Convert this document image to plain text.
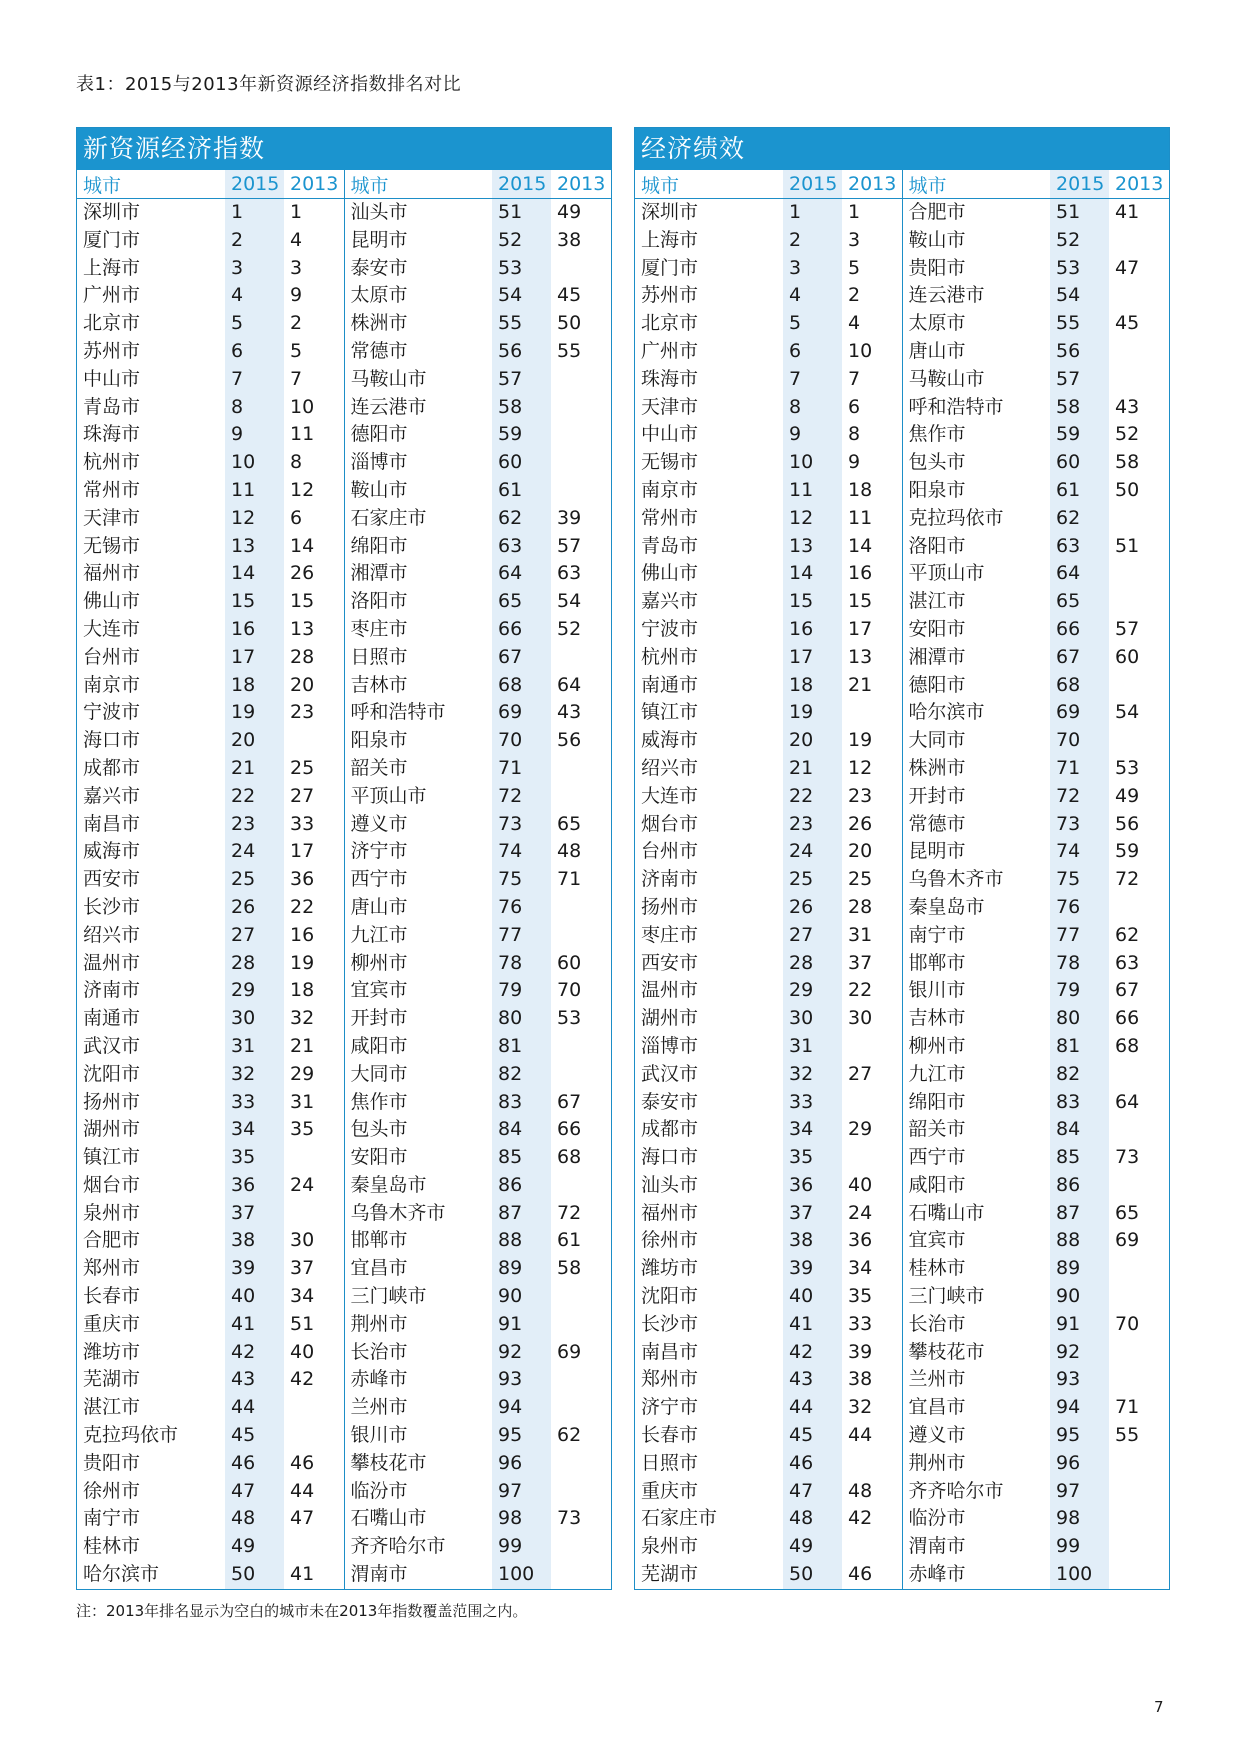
表1：2015与2013年新资源经济指数排名对比
新资源经济指数
城市	2015	2013	城市	2015	2013
深圳市	1	1	汕头市	51	49
厦门市	2	4	昆明市	52	38
上海市	3	3	泰安市	53	
广州市	4	9	太原市	54	45
北京市	5	2	株洲市	55	50
苏州市	6	5	常德市	56	55
中山市	7	7	马鞍山市	57	
青岛市	8	10	连云港市	58	
珠海市	9	11	德阳市	59	
杭州市	10	8	淄博市	60	
常州市	11	12	鞍山市	61	
天津市	12	6	石家庄市	62	39
无锡市	13	14	绵阳市	63	57
福州市	14	26	湘潭市	64	63
佛山市	15	15	洛阳市	65	54
大连市	16	13	枣庄市	66	52
台州市	17	28	日照市	67	
南京市	18	20	吉林市	68	64
宁波市	19	23	呼和浩特市	69	43
海口市	20		阳泉市	70	56
成都市	21	25	韶关市	71	
嘉兴市	22	27	平顶山市	72	
南昌市	23	33	遵义市	73	65
威海市	24	17	济宁市	74	48
西安市	25	36	西宁市	75	71
长沙市	26	22	唐山市	76	
绍兴市	27	16	九江市	77	
温州市	28	19	柳州市	78	60
济南市	29	18	宜宾市	79	70
南通市	30	32	开封市	80	53
武汉市	31	21	咸阳市	81	
沈阳市	32	29	大同市	82	
扬州市	33	31	焦作市	83	67
湖州市	34	35	包头市	84	66
镇江市	35		安阳市	85	68
烟台市	36	24	秦皇岛市	86	
泉州市	37		乌鲁木齐市	87	72
合肥市	38	30	邯郸市	88	61
郑州市	39	37	宜昌市	89	58
长春市	40	34	三门峡市	90	
重庆市	41	51	荆州市	91	
潍坊市	42	40	长治市	92	69
芜湖市	43	42	赤峰市	93	
湛江市	44		兰州市	94	
克拉玛依市	45		银川市	95	62
贵阳市	46	46	攀枝花市	96	
徐州市	47	44	临汾市	97	
南宁市	48	47	石嘴山市	98	73
桂林市	49		齐齐哈尔市	99	
哈尔滨市	50	41	渭南市	100	
经济绩效
城市	2015	2013	城市	2015	2013
深圳市	1	1	合肥市	51	41
上海市	2	3	鞍山市	52	
厦门市	3	5	贵阳市	53	47
苏州市	4	2	连云港市	54	
北京市	5	4	太原市	55	45
广州市	6	10	唐山市	56	
珠海市	7	7	马鞍山市	57	
天津市	8	6	呼和浩特市	58	43
中山市	9	8	焦作市	59	52
无锡市	10	9	包头市	60	58
南京市	11	18	阳泉市	61	50
常州市	12	11	克拉玛依市	62	
青岛市	13	14	洛阳市	63	51
佛山市	14	16	平顶山市	64	
嘉兴市	15	15	湛江市	65	
宁波市	16	17	安阳市	66	57
杭州市	17	13	湘潭市	67	60
南通市	18	21	德阳市	68	
镇江市	19		哈尔滨市	69	54
威海市	20	19	大同市	70	
绍兴市	21	12	株洲市	71	53
大连市	22	23	开封市	72	49
烟台市	23	26	常德市	73	56
台州市	24	20	昆明市	74	59
济南市	25	25	乌鲁木齐市	75	72
扬州市	26	28	秦皇岛市	76	
枣庄市	27	31	南宁市	77	62
西安市	28	37	邯郸市	78	63
温州市	29	22	银川市	79	67
湖州市	30	30	吉林市	80	66
淄博市	31		柳州市	81	68
武汉市	32	27	九江市	82	
泰安市	33		绵阳市	83	64
成都市	34	29	韶关市	84	
海口市	35		西宁市	85	73
汕头市	36	40	咸阳市	86	
福州市	37	24	石嘴山市	87	65
徐州市	38	36	宜宾市	88	69
潍坊市	39	34	桂林市	89	
沈阳市	40	35	三门峡市	90	
长沙市	41	33	长治市	91	70
南昌市	42	39	攀枝花市	92	
郑州市	43	38	兰州市	93	
济宁市	44	32	宜昌市	94	71
长春市	45	44	遵义市	95	55
日照市	46		荆州市	96	
重庆市	47	48	齐齐哈尔市	97	
石家庄市	48	42	临汾市	98	
泉州市	49		渭南市	99	
芜湖市	50	46	赤峰市	100	
注：2013年排名显示为空白的城市未在2013年指数覆盖范围之内。
7
